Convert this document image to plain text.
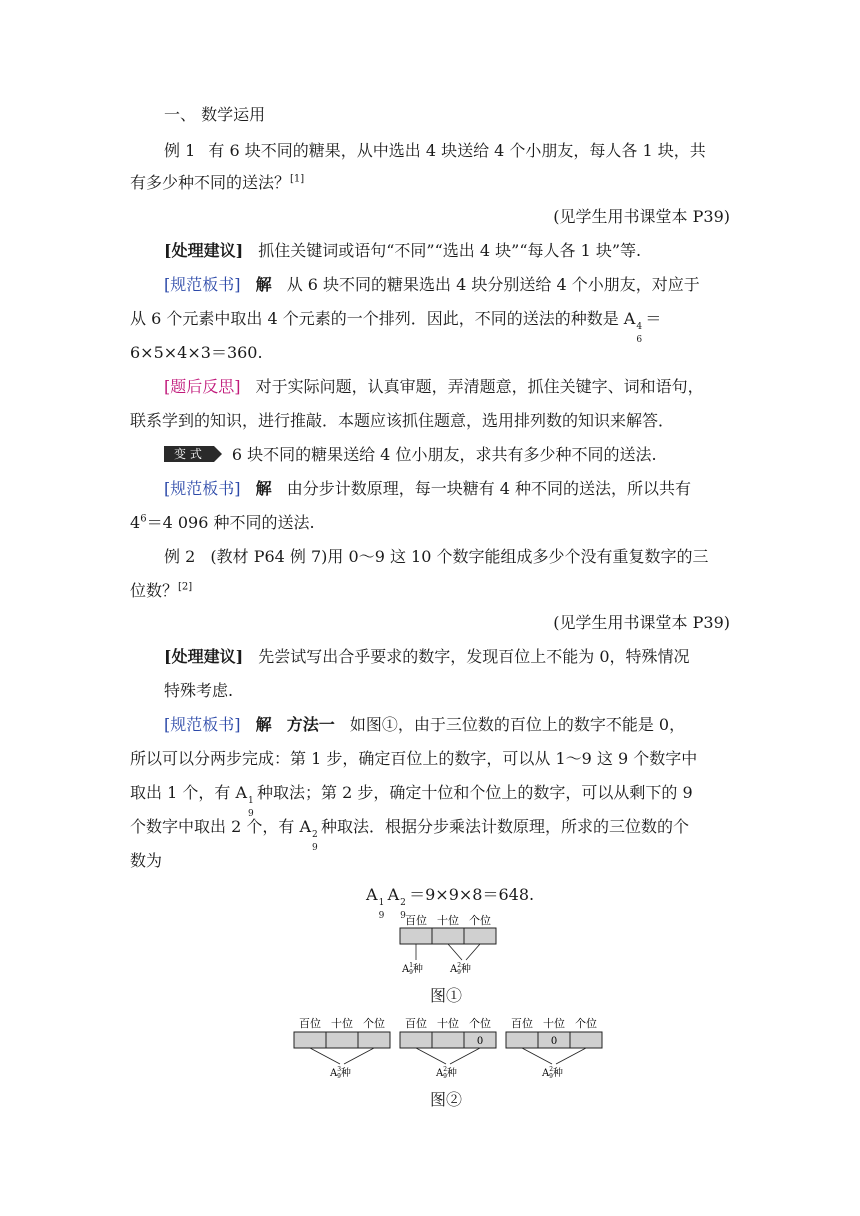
一、 数学运用
例 1 有 6 块不同的糖果，从中选出 4 块送给 4 个小朋友，每人各 1 块，共
有多少种不同的送法？[1]
(见学生用书课堂本 P39)
[处理建议] 抓住关键词或语句“不同”“选出 4 块”“每人各 1 块”等.
[规范板书] 解 从 6 块不同的糖果选出 4 块分别送给 4 个小朋友，对应于
从 6 个元素中取出 4 个元素的一个排列．因此，不同的送法的种数是 A 4
6
＝
6×5×4×3＝360.
[题后反思] 对于实际问题，认真审题，弄清题意，抓住关键字、词和语句，
联系学到的知识，进行推敲．本题应该抓住题意，选用排列数的知识来解答．
变 式 6 块不同的糖果送给 4 位小朋友，求共有多少种不同的送法.
[规范板书] 解 由分步计数原理，每一块糖有 4 种不同的送法，所以共有
$4^6=4$ 096 种不同的送法.
例 2 (教材 P64 例 7)用 0～9 这 10 个数字能组成多少个没有重复数字的三
位数？[2]
(见学生用书课堂本 P39)
[处理建议] 先尝试写出合乎要求的数字，发现百位上不能为 0，特殊情况
特殊考虑.
[规范板书] 解 方法一 如图①，由于三位数的百位上的数字不能是 0，
所以可以分两步完成：第 1 步，确定百位上的数字，可以从 1～9 这 9 个数字中
取出 1 个，有 A 1
9
种取法；第 2 步，确定十位和个位上的数字，可以从剩下的 9
个数字中取出 2 个，有 A 2
9
种取法．根据分步乘法计数原理，所求的三位数的个
数为
A 1
9
A 2
9
＝9×9×8＝648.
百位 十位 个位
$A^1$ 9种	$A^2$ 9种
图①
百位 十位 个位
$A^3$ 9种
百位 十位 个位
0
$A^2$ 9种
百位 十位 个位
0
$A^2$ 9种
图②
